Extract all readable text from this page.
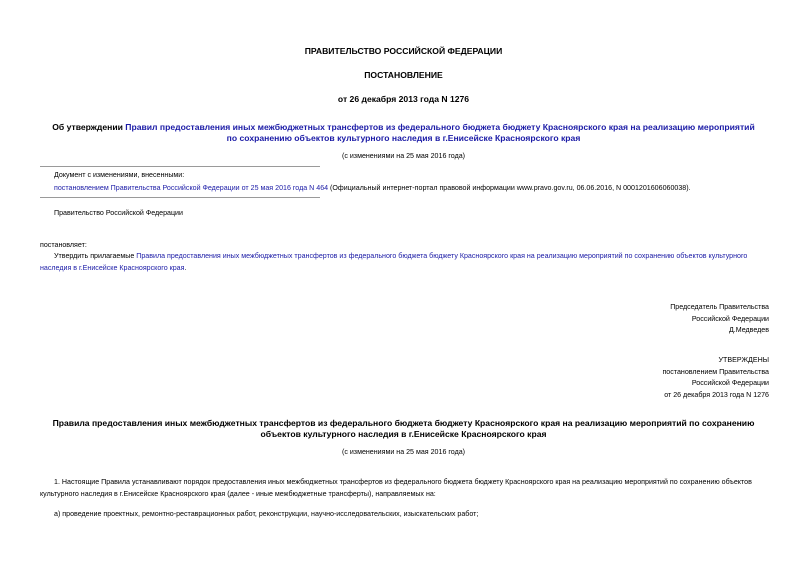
ПРАВИТЕЛЬСТВО РОССИЙСКОЙ ФЕДЕРАЦИИ
ПОСТАНОВЛЕНИЕ
от 26 декабря 2013 года N 1276
Об утверждении Правил предоставления иных межбюджетных трансфертов из федерального бюджета бюджету Красноярского края на реализацию мероприятий
по сохранению объектов культурного наследия в г.Енисейске Красноярского края
(с изменениями на 25 мая 2016 года)
Документ с изменениями, внесенными:
постановлением Правительства Российской Федерации от 25 мая 2016 года N 464 (Официальный интернет-портал правовой информации www.pravo.gov.ru, 06.06.2016, N 0001201606060038).
Правительство Российской Федерации
постановляет:
Утвердить прилагаемые Правила предоставления иных межбюджетных трансфертов из федерального бюджета бюджету Красноярского края на реализацию мероприятий по сохранению объектов культурного
наследия в г.Енисейске Красноярского края.
Председатель Правительства
Российской Федерации
Д.Медведев
УТВЕРЖДЕНЫ
постановлением Правительства
Российской Федерации
от 26 декабря 2013 года N 1276
Правила предоставления иных межбюджетных трансфертов из федерального бюджета бюджету Красноярского края на реализацию мероприятий по сохранению
объектов культурного наследия в г.Енисейске Красноярского края
(с изменениями на 25 мая 2016 года)
1. Настоящие Правила устанавливают порядок предоставления иных межбюджетных трансфертов из федерального бюджета бюджету Красноярского края на реализацию мероприятий по сохранению объектов
культурного наследия в г.Енисейске Красноярского края (далее - иные межбюджетные трансферты), направляемых на:
а) проведение проектных, ремонтно-реставрационных работ, реконструкции, научно-исследовательских, изыскательских работ;
